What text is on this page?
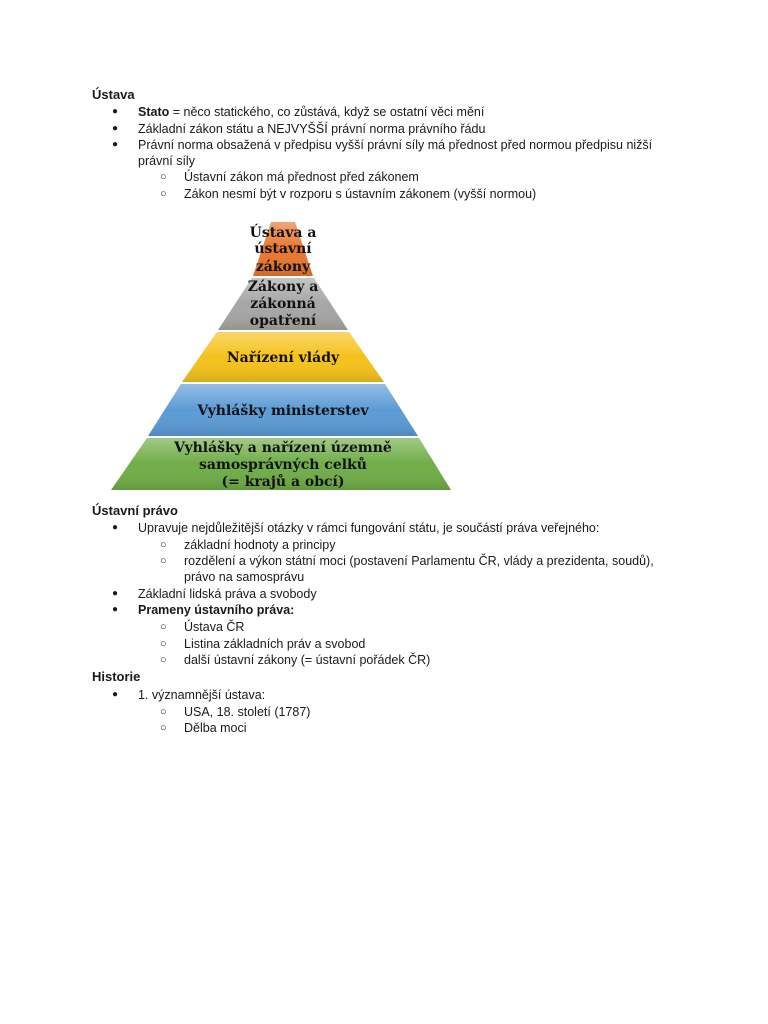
Ústava
● Stato = něco statického, co zůstává, když se ostatní věci mění
● Základní zákon státu a NEJVYŠŠÍ právní norma právního řádu
● Právní norma obsažená v předpisu vyšší právní síly má přednost před normou předpisu nižší
právní síly
○ Ústavní zákon má přednost před zákonem
○ Zákon nesmí být v rozporu s ústavním zákonem (vyšší normou)
Ústava a
ústavní
zákony
Zákony a
zákonná
opatření
Nařízení vlády
Vyhlášky ministerstev
Vyhlášky a nařízení územně
samosprávných celků
(= krajů a obcí)
Ústavní právo
● Upravuje nejdůležitější otázky v rámci fungování státu, je součástí práva veřejného:
○ základní hodnoty a principy
○ rozdělení a výkon státní moci (postavení Parlamentu ČR, vlády a prezidenta, soudů),
právo na samosprávu
● Základní lidská práva a svobody
● Prameny ústavního práva:
○ Ústava ČR
○ Listina základních práv a svobod
○ další ústavní zákony (= ústavní pořádek ČR)
Historie
● 1. významnější ústava:
○ USA, 18. století (1787)
○ Dělba moci
